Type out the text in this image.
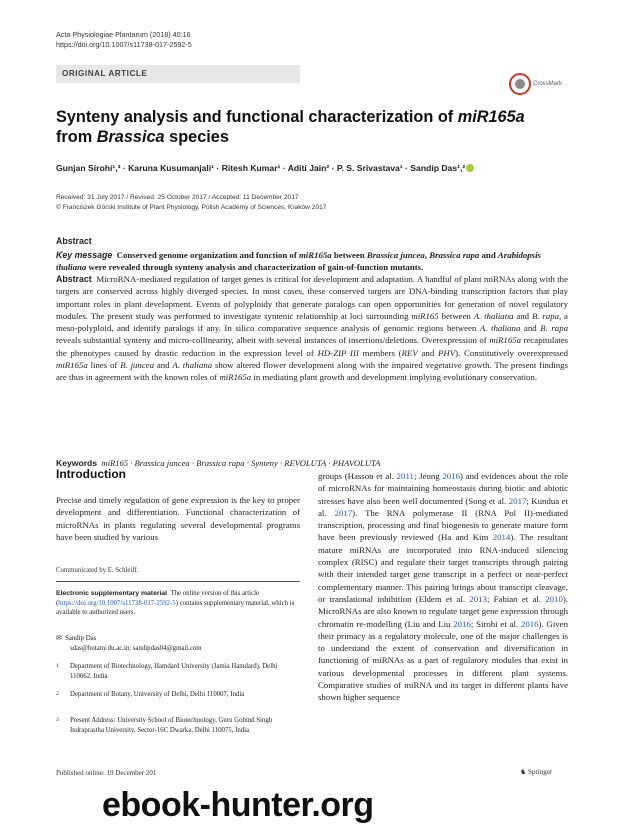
Acta Physiologiae Plantarum (2018) 40:16
https://doi.org/10.1007/s11738-017-2592-5
ORIGINAL ARTICLE
CrossMark
Synteny analysis and functional characterization of miR165a
from Brassica species
Gunjan Sirohi¹,³ · Karuna Kusumanjali¹ · Ritesh Kumar¹ · Aditi Jain² · P. S. Srivastava¹ · Sandip Das¹,²
Received: 31 July 2017 / Revised: 25 October 2017 / Accepted: 11 December 2017
© Franciszek Górski Institute of Plant Physiology, Polish Academy of Sciences, Kraków 2017
Abstract
Key message Conserved genome organization and function of miR165a between Brassica juncea, Brassica rapa and Arabidopsis thaliana were revealed through synteny analysis and characterization of gain-of-function mutants.
Abstract  MicroRNA-mediated regulation of target genes is critical for development and adaptation. A handful of plant miRNAs along with the targets are conserved across highly diverged species. In most cases, these conserved targets are DNA-binding transcription factors that play important roles in plant development. Events of polyploidy that generate paralogs can open opportunities for generation of novel regulatory modules. The present study was performed to investigate syntenic relationship at loci surrounding miR165 between A. thaliana and B. rapa, a meso-polyploid, and identify paralogs if any. In silico comparative sequence analysis of genomic regions between A. thaliana and B. rapa reveals substantial synteny and micro-collinearity, albeit with several instances of insertions/deletions. Overexpression of miR165a recapitulates the phenotypes caused by drastic reduction in the expression level of HD-ZIP III members (REV and PHV). Constitutively overexpressed miR165a lines of B. juncea and A. thaliana show altered flower development along with the impaired vegetative growth. The present findings are thus in agreement with the known roles of miR165a in mediating plant growth and development implying evolutionary conservation.
Keywords miR165 · Brassica juncea · Brassica rapa · Synteny · REVOLUTA · PHAVOLUTA
Introduction
Precise and timely regulation of gene expression is the key to proper development and differentiation. Functional characterization of microRNAs in plants regulating several developmental programs have been studied by various
Communicated by E. Schleiff.
Electronic supplementary material The online version of this article (https://doi.org/10.1007/s11738-017-2592-5) contains supplementary material, which is available to authorized users.
✉ Sandip Das
sdas@botany.du.ac.in; sandipdas04@gmail.com
1 Department of Biotechnology, Hamdard University (Jamia Hamdard), Delhi 110062, India
2 Department of Botany, University of Delhi, Delhi 110007, India
3 Present Address: University School of Biotechnology, Guru Gobind Singh Indraprastha University, Sector-16C Dwarka, Delhi 110075, India
groups (Hasson et al. 2011; Jeong 2016) and evidences about the role of microRNAs for maintaining homeostasis during biotic and abiotic stresses have also been well documented (Song et al. 2017; Kundua et al. 2017). The RNA polymerase II (RNA Pol II)-mediated transcription, processing and final biogenesis to generate mature form have been previously reviewed (Ha and Kim 2014). The resultant mature miRNAs are incorporated into RNA-induced silencing complex (RISC) and regulate their target transcripts through pairing with their intended target gene transcript in a perfect or near-perfect complementary manner. This pairing brings about transcript cleavage, or translational inhibition (Eldem et al. 2013; Fabian et al. 2010). MicroRNAs are also known to regulate target gene expression through chromatin re-modelling (Liu and Liu 2016; Sirohi et al. 2016). Given their primacy as a regulatory molecule, one of the major challenges is to understand the extent of conservation and diversification in functioning of miRNAs as a part of regulatory modules that exist in various developmental processes in different plant systems. Comparative studies of miRNA and its target in different plants have shown higher sequence
Published online: 19 December 201	♞ Springer
ebook-hunter.org
